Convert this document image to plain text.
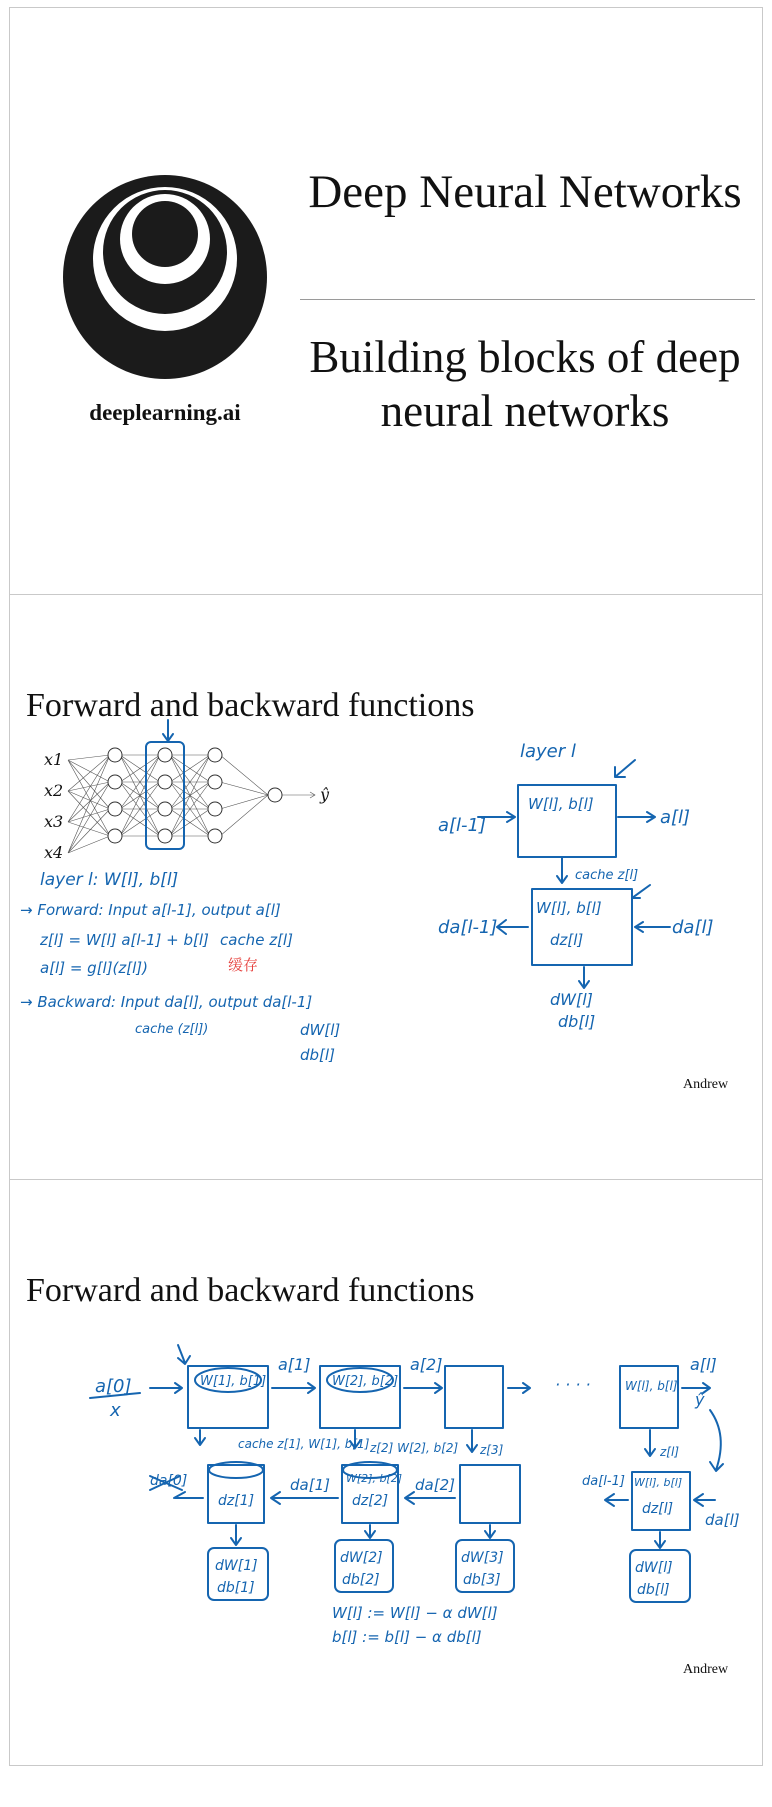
deeplearning.ai
Deep Neural Networks
Building blocks of deep neural networks
Forward and backward functions
x1
x2
x3
x4
ŷ
layer l: W[l], b[l]
→ Forward: Input a[l-1], output a[l]
z[l] = W[l] a[l-1] + b[l] cache z[l]
a[l] = g[l](z[l])	缓存
→ Backward: Input da[l], output da[l-1]
cache (z[l])	dW[l]
db[l]
layer l
W[l], b[l]
a[l-1]	a[l]
cache z[l]
W[l], b[l]
dz[l]
da[l]
da[l-1]
dW[l]
db[l]
Andrew
Forward and backward functions
a[0]
x
W[1], b[1]
a[1]
W[2], b[2]
a[2]
· · · ·	W[l], b[l]
a[l]
ŷ
cache z[1], W[1], b[1] z[2] W[2], b[2] z[3]	z[l]
dz[1]
W[2], b[2]
dz[2]
W[l], b[l]
dz[l]
da[1]	da[2]
da[0]	da[l-1]
da[l]
dW[1]
db[1]
dW[2]
db[2]
dW[3]
db[3]
dW[l]
db[l]
W[l] := W[l] − α dW[l]
b[l] := b[l] − α db[l]
Andrew
